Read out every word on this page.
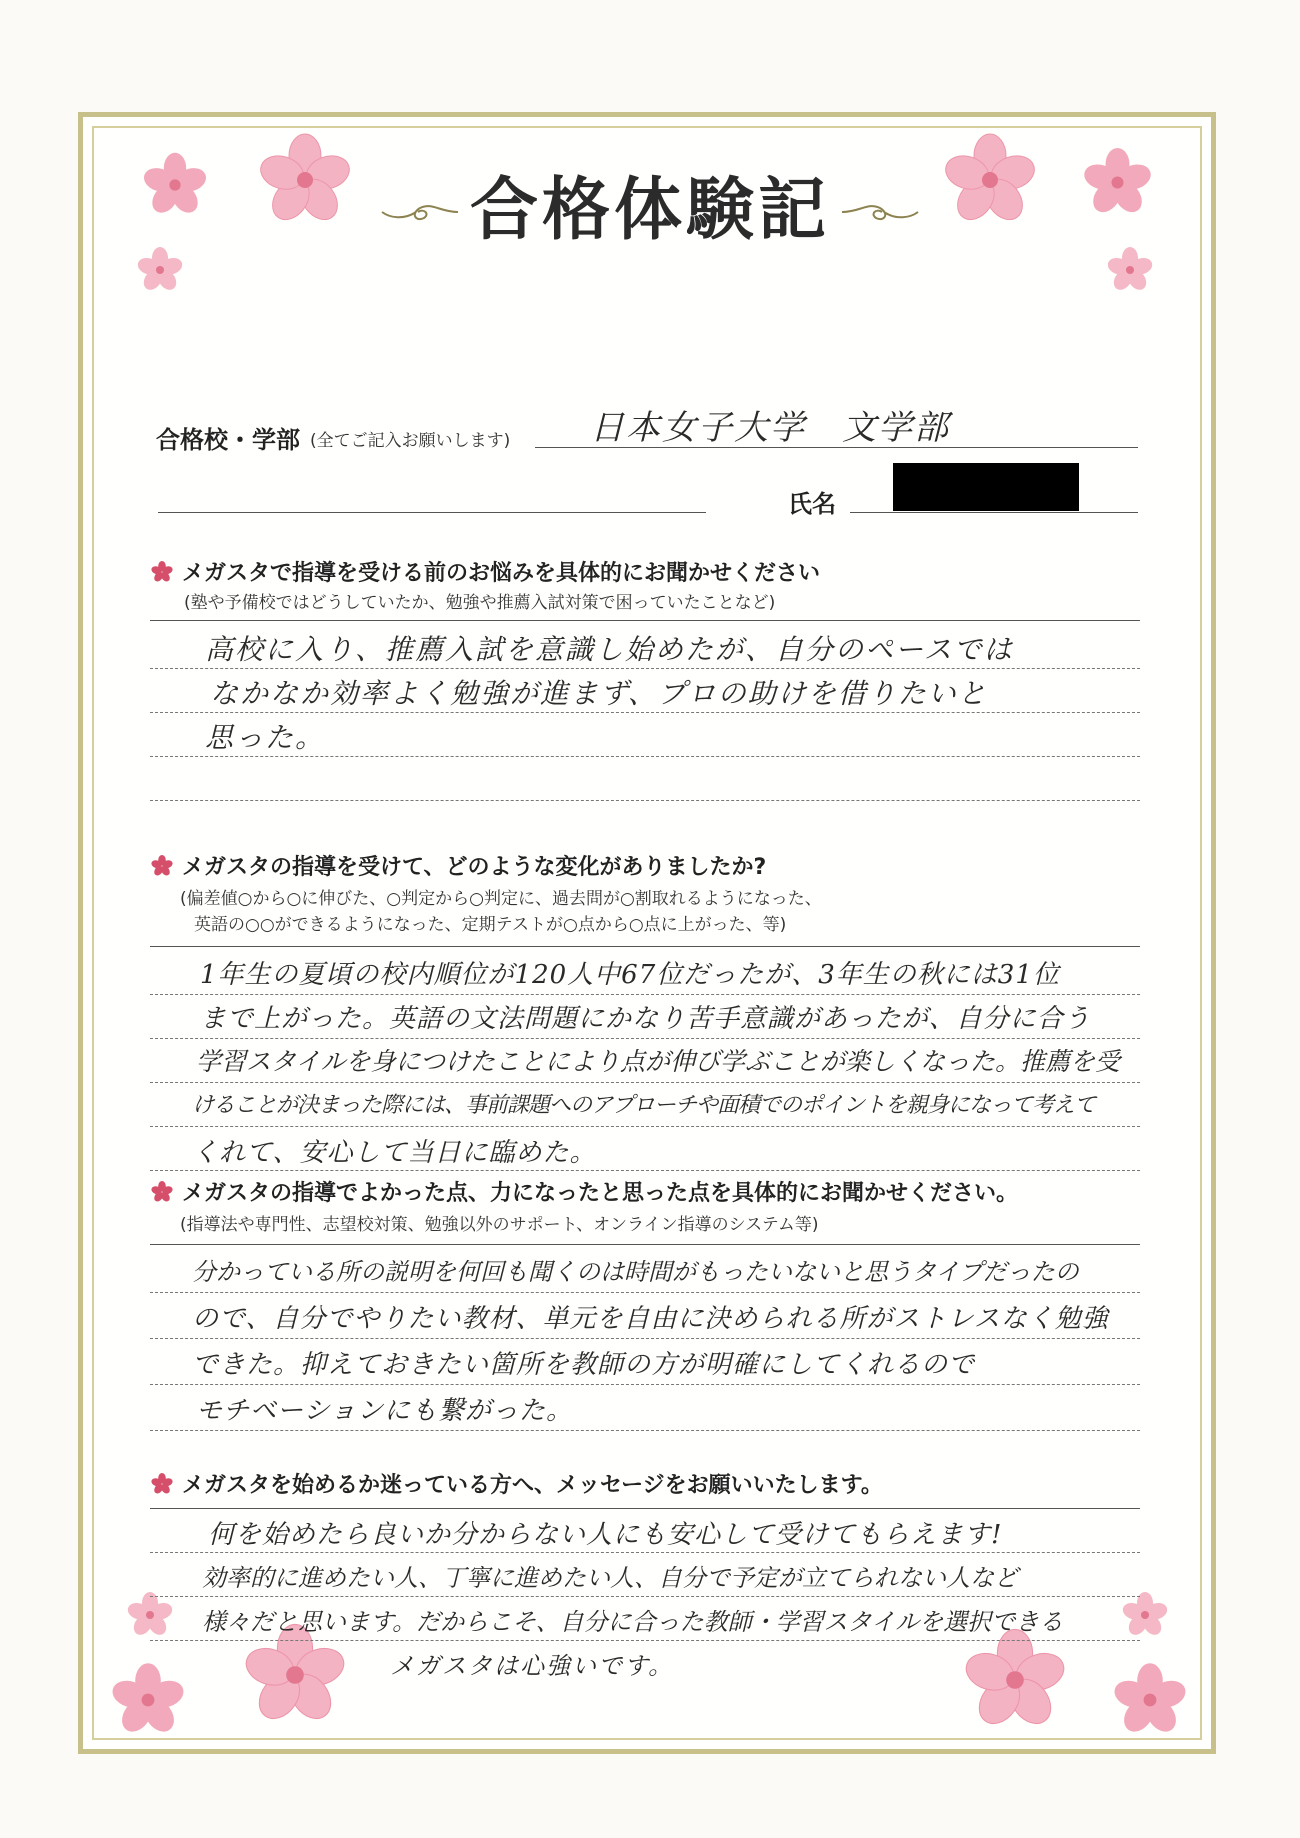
合格体験記
合格校・学部 (全てご記入お願いします) 日本女子大学　文学部
氏名
メガスタで指導を受ける前のお悩みを具体的にお聞かせください
(塾や予備校ではどうしていたか、勉強や推薦入試対策で困っていたことなど)
高校に入り、推薦入試を意識し始めたが、自分のペースでは
なかなか効率よく勉強が進まず、プロの助けを借りたいと
思った。
メガスタの指導を受けて、どのような変化がありましたか?
(偏差値○から○に伸びた、○判定から○判定に、過去問が○割取れるようになった、
英語の○○ができるようになった、定期テストが○点から○点に上がった、等)
1年生の夏頃の校内順位が120人中67位だったが、3年生の秋には31位
まで上がった。英語の文法問題にかなり苦手意識があったが、自分に合う
学習スタイルを身につけたことにより点が伸び学ぶことが楽しくなった。推薦を受
けることが決まった際には、事前課題へのアプローチや面積でのポイントを親身になって考えて
くれて、安心して当日に臨めた。
メガスタの指導でよかった点、力になったと思った点を具体的にお聞かせください。
(指導法や専門性、志望校対策、勉強以外のサポート、オンライン指導のシステム等)
分かっている所の説明を何回も聞くのは時間がもったいないと思うタイプだったの
ので、自分でやりたい教材、単元を自由に決められる所がストレスなく勉強
できた。抑えておきたい箇所を教師の方が明確にしてくれるので
モチベーションにも繋がった。
メガスタを始めるか迷っている方へ、メッセージをお願いいたします。
何を始めたら良いか分からない人にも安心して受けてもらえます!
効率的に進めたい人、丁寧に進めたい人、自分で予定が立てられない人など
様々だと思います。だからこそ、自分に合った教師・学習スタイルを選択できる
メガスタは心強いです。
